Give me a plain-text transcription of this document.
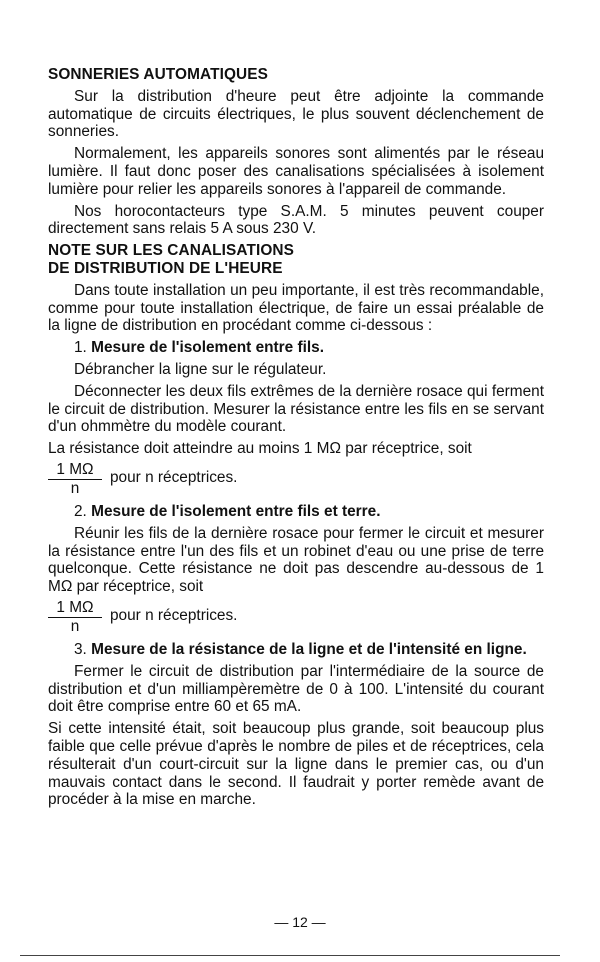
SONNERIES AUTOMATIQUES

Sur la distribution d'heure peut être adjointe la commande automatique de circuits électriques, le plus souvent déclenchement de sonneries.

Normalement, les appareils sonores sont alimentés par le réseau lumière. Il faut donc poser des canalisations spécialisées à isolement lumière pour relier les appareils sonores à l'appareil de commande.

Nos horocontacteurs type S.A.M. 5 minutes peuvent couper directement sans relais 5 A sous 230 V.

NOTE SUR LES CANALISATIONS
DE DISTRIBUTION DE L'HEURE

Dans toute installation un peu importante, il est très recommandable, comme pour toute installation électrique, de faire un essai préalable de la ligne de distribution en procédant comme ci-dessous :

1. Mesure de l'isolement entre fils.

Débrancher la ligne sur le régulateur.

Déconnecter les deux fils extrêmes de la dernière rosace qui ferment le circuit de distribution. Mesurer la résistance entre les fils en se servant d'un ohmmètre du modèle courant.

La résistance doit atteindre au moins 1 MΩ par réceptrice, soit

$\frac{1 M\Omega}{n}$ pour n réceptrices.
2. Mesure de l'isolement entre fils et terre.

Réunir les fils de la dernière rosace pour fermer le circuit et mesurer la résistance entre l'un des fils et un robinet d'eau ou une prise de terre quelconque. Cette résistance ne doit pas descendre au-dessous de 1 MΩ par réceptrice, soit

$\frac{1 M\Omega}{n}$ pour n réceptrices.
3. Mesure de la résistance de la ligne et de l'intensité en ligne.

Fermer le circuit de distribution par l'intermédiaire de la source de distribution et d'un milliampèremètre de 0 à 100. L'intensité du courant doit être comprise entre 60 et 65 mA.

Si cette intensité était, soit beaucoup plus grande, soit beaucoup plus faible que celle prévue d'après le nombre de piles et de réceptrices, cela résulterait d'un court-circuit sur la ligne dans le premier cas, ou d'un mauvais contact dans le second. Il faudrait y porter remède avant de procéder à la mise en marche.

— 12 —
